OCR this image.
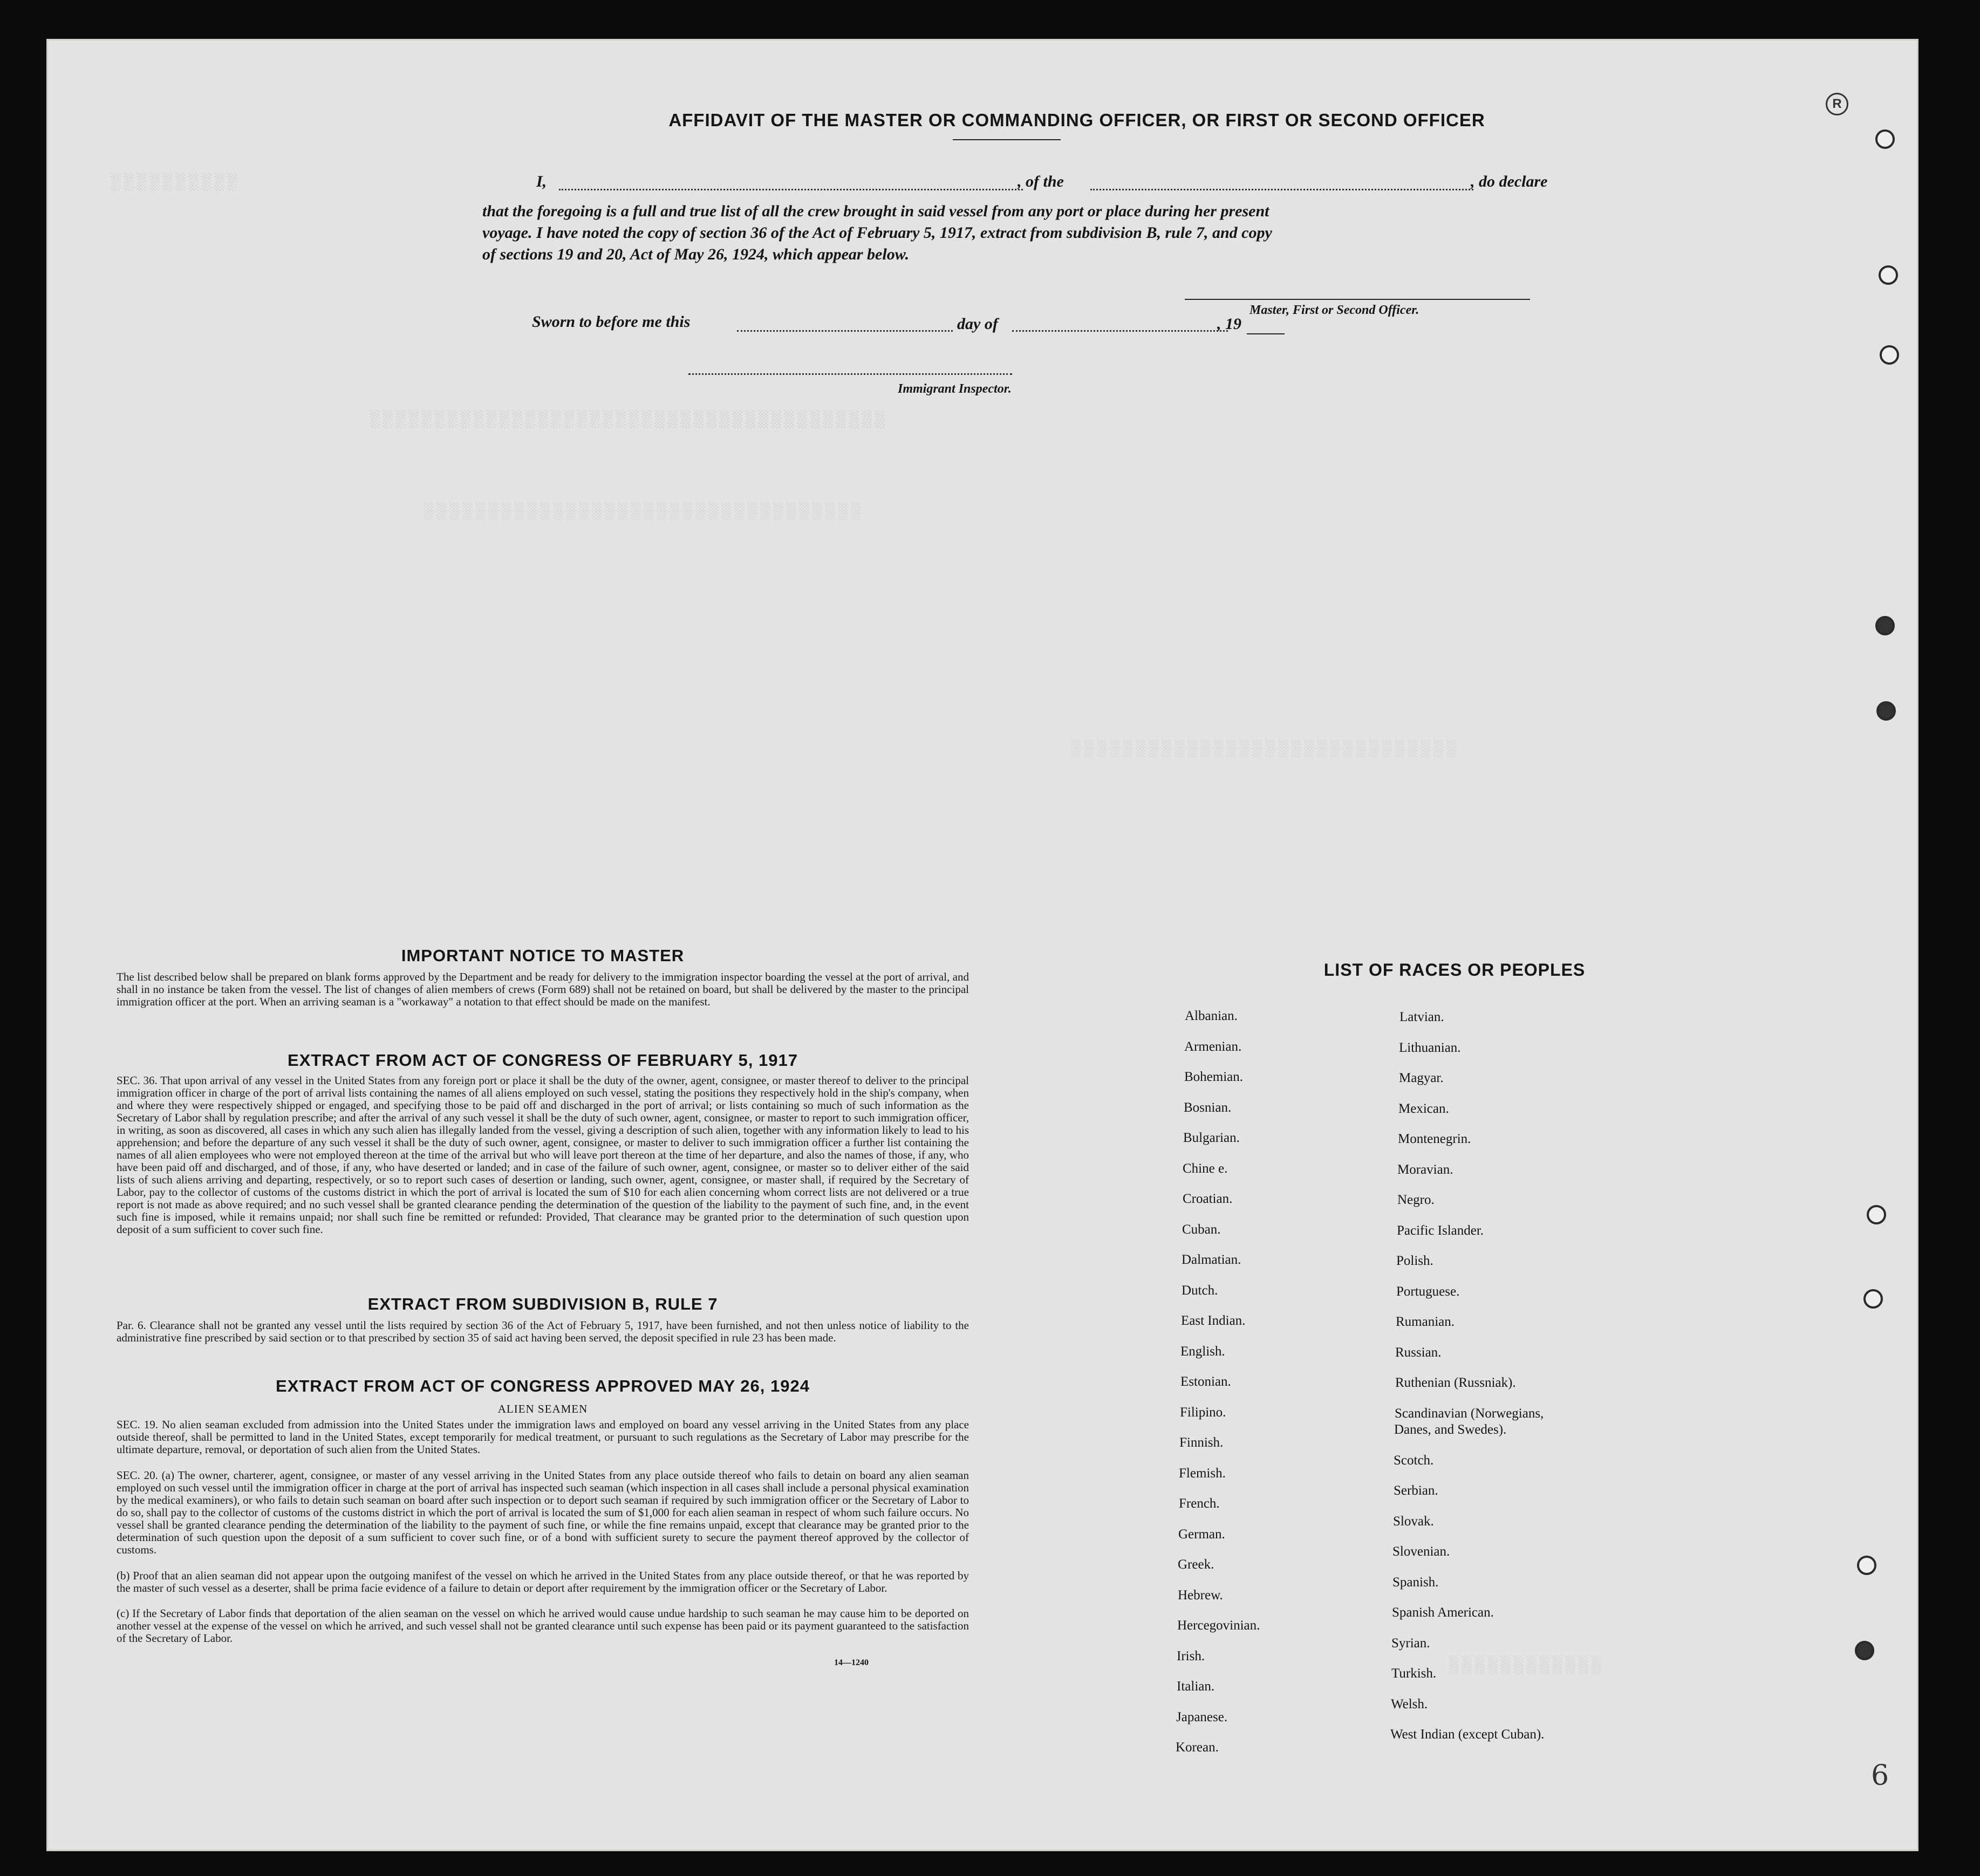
░░░░░░░░░░
░░░░░░░░░░░░░░░░░░░░░░░░░░░░░░░░░░░░░░░░
░░░░░░░░░░░░░░░░░░░░░░░░░░░░░░░░░░
░░░░░░░░░░░░░░░░░░░░░░░░░░░░░░
░░░░░░░░░░░░
AFFIDAVIT OF THE MASTER OR COMMANDING OFFICER, OR FIRST OR SECOND OFFICER
I,	, of the	, do declare
that the foregoing is a full and true list of all the crew brought in said vessel from any port or place during her present
voyage. I have noted the copy of section 36 of the Act of February 5, 1917, extract from subdivision B, rule 7, and copy
of sections 19 and 20, Act of May 26, 1924, which appear below.
Master, First or Second Officer.
Sworn to before me this	day of	, 19
Immigrant Inspector.
IMPORTANT NOTICE TO MASTER
The list described below shall be prepared on blank forms approved by the Department and be ready for delivery to the immigration inspector boarding the vessel at the port of arrival, and shall in no instance be taken from the vessel. The list of changes of alien members of crews (Form 689) shall not be retained on board, but shall be delivered by the master to the principal immigration officer at the port. When an arriving seaman is a "workaway" a notation to that effect should be made on the manifest.
EXTRACT FROM ACT OF CONGRESS OF FEBRUARY 5, 1917
SEC. 36. That upon arrival of any vessel in the United States from any foreign port or place it shall be the duty of the owner, agent, consignee, or master thereof to deliver to the principal immigration officer in charge of the port of arrival lists containing the names of all aliens employed on such vessel, stating the positions they respectively hold in the ship's company, when and where they were respectively shipped or engaged, and specifying those to be paid off and discharged in the port of arrival; or lists containing so much of such information as the Secretary of Labor shall by regulation prescribe; and after the arrival of any such vessel it shall be the duty of such owner, agent, consignee, or master to report to such immigration officer, in writing, as soon as discovered, all cases in which any such alien has illegally landed from the vessel, giving a description of such alien, together with any information likely to lead to his apprehension; and before the departure of any such vessel it shall be the duty of such owner, agent, consignee, or master to deliver to such immigration officer a further list containing the names of all alien employees who were not employed thereon at the time of the arrival but who will leave port thereon at the time of her departure, and also the names of those, if any, who have been paid off and discharged, and of those, if any, who have deserted or landed; and in case of the failure of such owner, agent, consignee, or master so to deliver either of the said lists of such aliens arriving and departing, respectively, or so to report such cases of desertion or landing, such owner, agent, consignee, or master shall, if required by the Secretary of Labor, pay to the collector of customs of the customs district in which the port of arrival is located the sum of $10 for each alien concerning whom correct lists are not delivered or a true report is not made as above required; and no such vessel shall be granted clearance pending the determination of the question of the liability to the payment of such fine, and, in the event such fine is imposed, while it remains unpaid; nor shall such fine be remitted or refunded: Provided, That clearance may be granted prior to the determination of such question upon deposit of a sum sufficient to cover such fine.
EXTRACT FROM SUBDIVISION B, RULE 7
Par. 6. Clearance shall not be granted any vessel until the lists required by section 36 of the Act of February 5, 1917, have been furnished, and not then unless notice of liability to the administrative fine prescribed by said section or to that prescribed by section 35 of said act having been served, the deposit specified in rule 23 has been made.
EXTRACT FROM ACT OF CONGRESS APPROVED MAY 26, 1924
ALIEN SEAMEN
SEC. 19. No alien seaman excluded from admission into the United States under the immigration laws and employed on board any vessel arriving in the United States from any place outside thereof, shall be permitted to land in the United States, except temporarily for medical treatment, or pursuant to such regulations as the Secretary of Labor may prescribe for the ultimate departure, removal, or deportation of such alien from the United States.
SEC. 20. (a) The owner, charterer, agent, consignee, or master of any vessel arriving in the United States from any place outside thereof who fails to detain on board any alien seaman employed on such vessel until the immigration officer in charge at the port of arrival has inspected such seaman (which inspection in all cases shall include a personal physical examination by the medical examiners), or who fails to detain such seaman on board after such inspection or to deport such seaman if required by such immigration officer or the Secretary of Labor to do so, shall pay to the collector of customs of the customs district in which the port of arrival is located the sum of $1,000 for each alien seaman in respect of whom such failure occurs. No vessel shall be granted clearance pending the determination of the liability to the payment of such fine, or while the fine remains unpaid, except that clearance may be granted prior to the determination of such question upon the deposit of a sum sufficient to cover such fine, or of a bond with sufficient surety to secure the payment thereof approved by the collector of customs.
(b) Proof that an alien seaman did not appear upon the outgoing manifest of the vessel on which he arrived in the United States from any place outside thereof, or that he was reported by the master of such vessel as a deserter, shall be prima facie evidence of a failure to detain or deport after requirement by the immigration officer or the Secretary of Labor.
(c) If the Secretary of Labor finds that deportation of the alien seaman on the vessel on which he arrived would cause undue hardship to such seaman he may cause him to be deported on another vessel at the expense of the vessel on which he arrived, and such vessel shall not be granted clearance until such expense has been paid or its payment guaranteed to the satisfaction of the Secretary of Labor.
14—1240
LIST OF RACES OR PEOPLES
R
6
Albanian.
Armenian.
Bohemian.
Bosnian.
Bulgarian.
Chine e.
Croatian.
Cuban.
Dalmatian.
Dutch.
East Indian.
English.
Estonian.
Filipino.
Finnish.
Flemish.
French.
German.
Greek.
Hebrew.
Hercegovinian.
Irish.
Italian.
Japanese.
Korean.
Latvian.
Lithuanian.
Magyar.
Mexican.
Montenegrin.
Moravian.
Negro.
Pacific Islander.
Polish.
Portuguese.
Rumanian.
Russian.
Ruthenian (Russniak).
Scandinavian (Norwegians,
Danes, and Swedes).
Scotch.
Serbian.
Slovak.
Slovenian.
Spanish.
Spanish American.
Syrian.
Turkish.
Welsh.
West Indian (except Cuban).
